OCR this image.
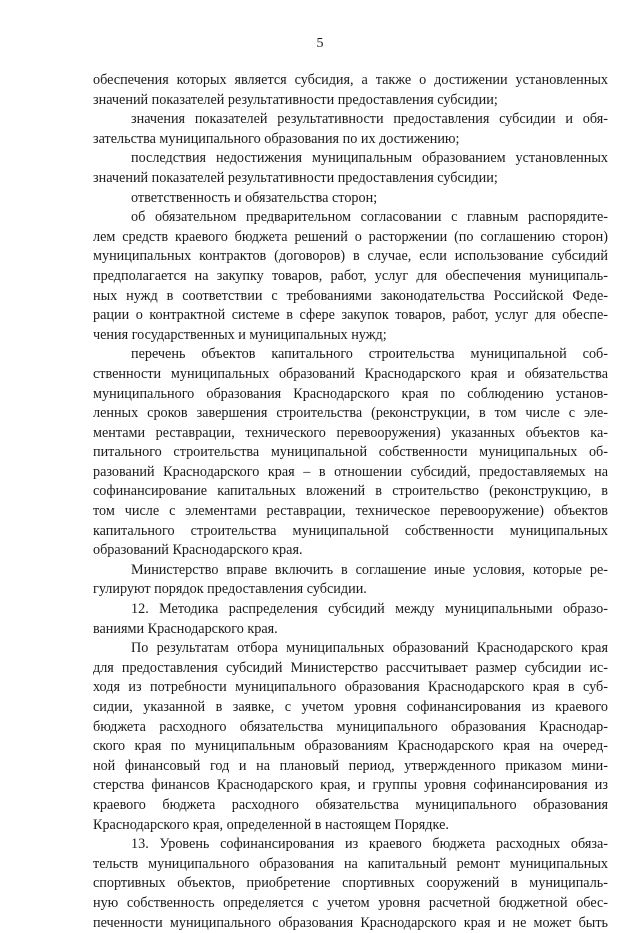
5

обеспечения которых является субсидия, а также о достижении установленных
значений показателей результативности предоставления субсидии;

значения показателей результативности предоставления субсидии и обя-
зательства муниципального образования по их достижению;

последствия недостижения муниципальным образованием установленных
значений показателей результативности предоставления субсидии;

ответственность и обязательства сторон;

об обязательном предварительном согласовании с главным распорядите-
лем средств краевого бюджета решений о расторжении (по соглашению сторон)
муниципальных контрактов (договоров) в случае, если использование субсидий
предполагается на закупку товаров, работ, услуг для обеспечения муниципаль-
ных нужд в соответствии с требованиями законодательства Российской Феде-
рации о контрактной системе в сфере закупок товаров, работ, услуг для обеспе-
чения государственных и муниципальных нужд;

перечень объектов капитального строительства муниципальной соб-
ственности муниципальных образований Краснодарского края и обязательства
муниципального образования Краснодарского края по соблюдению установ-
ленных сроков завершения строительства (реконструкции, в том числе с эле-
ментами реставрации, технического перевооружения) указанных объектов ка-
питального строительства муниципальной собственности муниципальных об-
разований Краснодарского края – в отношении субсидий, предоставляемых на
софинансирование капитальных вложений в строительство (реконструкцию, в
том числе с элементами реставрации, техническое перевооружение) объектов
капитального строительства муниципальной собственности муниципальных
образований Краснодарского края.

Министерство вправе включить в соглашение иные условия, которые ре-
гулируют порядок предоставления субсидии.

12. Методика распределения субсидий между муниципальными образо-
ваниями Краснодарского края.

По результатам отбора муниципальных образований Краснодарского края
для предоставления субсидий Министерство рассчитывает размер субсидии ис-
ходя из потребности муниципального образования Краснодарского края в суб-
сидии, указанной в заявке, с учетом уровня софинансирования из краевого
бюджета расходного обязательства муниципального образования Краснодар-
ского края по муниципальным образованиям Краснодарского края на очеред-
ной финансовый год и на плановый период, утвержденного приказом мини-
стерства финансов Краснодарского края, и группы уровня софинансирования из
краевого бюджета расходного обязательства муниципального образования
Краснодарского края, определенной в настоящем Порядке.

13. Уровень софинансирования из краевого бюджета расходных обяза-
тельств муниципального образования на капитальный ремонт муниципальных
спортивных объектов, приобретение спортивных сооружений в муниципаль-
ную собственность определяется с учетом уровня расчетной бюджетной обес-
печенности муниципального образования Краснодарского края и не может быть
